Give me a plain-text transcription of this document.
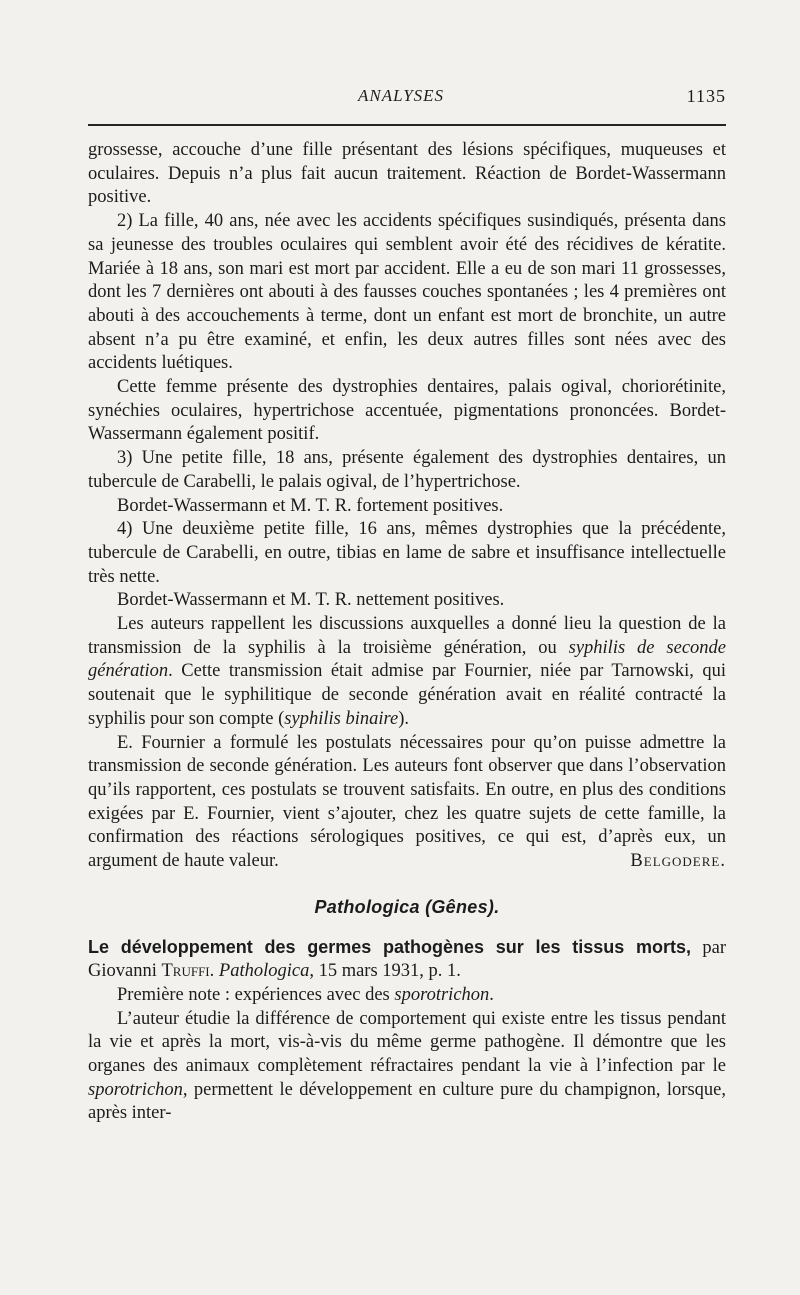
ANALYSES	1135

grossesse, accouche d’une fille présentant des lésions spécifiques, muqueuses et oculaires. Depuis n’a plus fait aucun traitement. Réaction de Bordet-Wassermann positive.

2) La fille, 40 ans, née avec les accidents spécifiques susindiqués, présenta dans sa jeunesse des troubles oculaires qui semblent avoir été des récidives de kératite. Mariée à 18 ans, son mari est mort par accident. Elle a eu de son mari 11 grossesses, dont les 7 dernières ont abouti à des fausses couches spontanées ; les 4 premières ont abouti à des accouchements à terme, dont un enfant est mort de bronchite, un autre absent n’a pu être examiné, et enfin, les deux autres filles sont nées avec des accidents luétiques.

Cette femme présente des dystrophies dentaires, palais ogival, choriorétinite, synéchies oculaires, hypertrichose accentuée, pigmentations prononcées. Bordet-Wassermann également positif.

3) Une petite fille, 18 ans, présente également des dystrophies dentaires, un tubercule de Carabelli, le palais ogival, de l’hypertrichose.

Bordet-Wassermann et M. T. R. fortement positives.

4) Une deuxième petite fille, 16 ans, mêmes dystrophies que la précédente, tubercule de Carabelli, en outre, tibias en lame de sabre et insuffisance intellectuelle très nette.

Bordet-Wassermann et M. T. R. nettement positives.

Les auteurs rappellent les discussions auxquelles a donné lieu la question de la transmission de la syphilis à la troisième génération, ou syphilis de seconde génération. Cette transmission était admise par Fournier, niée par Tarnowski, qui soutenait que le syphilitique de seconde génération avait en réalité contracté la syphilis pour son compte (syphilis binaire).

E. Fournier a formulé les postulats nécessaires pour qu’on puisse admettre la transmission de seconde génération. Les auteurs font observer que dans l’observation qu’ils rapportent, ces postulats se trouvent satisfaits. En outre, en plus des conditions exigées par E. Fournier, vient s’ajouter, chez les quatre sujets de cette famille, la confirmation des réactions sérologiques positives, ce qui est, d’après eux, un argument de haute valeur.	Belgodere.

Pathologica (Gênes).

Le développement des germes pathogènes sur les tissus morts, par Giovanni Truffi. Pathologica, 15 mars 1931, p. 1.

Première note : expériences avec des sporotrichon.

L’auteur étudie la différence de comportement qui existe entre les tissus pendant la vie et après la mort, vis-à-vis du même germe pathogène. Il démontre que les organes des animaux complètement réfractaires pendant la vie à l’infection par le sporotrichon, permettent le développement en culture pure du champignon, lorsque, après inter-
